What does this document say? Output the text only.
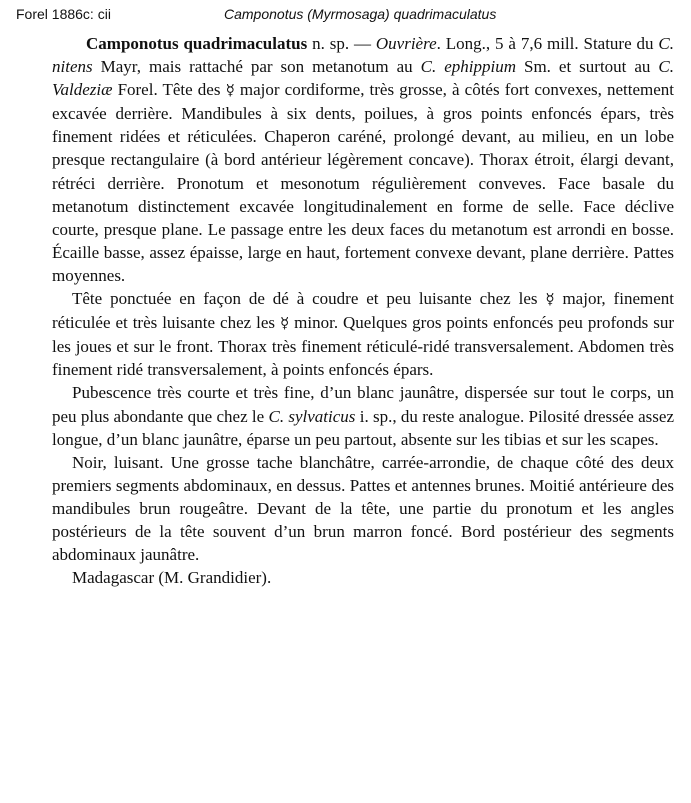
Forel 1886c: cii	Camponotus (Myrmosaga) quadrimaculatus

Camponotus quadrimaculatus n. sp. — Ouvrière. Long., 5 à 7,6 mill. Stature du C. nitens Mayr, mais rattaché par son metanotum au C. ephippium Sm. et surtout au C. Valdeziæ Forel. Tête des ☿ major cordiforme, très grosse, à côtés fort convexes, nettement excavée derrière. Mandibules à six dents, poilues, à gros points enfoncés épars, très finement ridées et réticulées. Chaperon caréné, prolongé devant, au milieu, en un lobe presque rectangulaire (à bord antérieur légèrement concave). Thorax étroit, élargi devant, rétréci derrière. Pronotum et mesonotum régulièrement conveves. Face basale du metanotum distinctement excavée longitudinalement en forme de selle. Face déclive courte, presque plane. Le passage entre les deux faces du metanotum est arrondi en bosse. Écaille basse, assez épaisse, large en haut, fortement convexe devant, plane derrière. Pattes moyennes.

Tête ponctuée en façon de dé à coudre et peu luisante chez les ☿ major, finement réticulée et très luisante chez les ☿ minor. Quelques gros points enfoncés peu profonds sur les joues et sur le front. Thorax très finement réticulé-ridé transversalement. Abdomen très finement ridé transversalement, à points enfoncés épars.

Pubescence très courte et très fine, d’un blanc jaunâtre, dispersée sur tout le corps, un peu plus abondante que chez le C. sylvaticus i. sp., du reste analogue. Pilosité dressée assez longue, d’un blanc jaunâtre, éparse un peu partout, absente sur les tibias et sur les scapes.

Noir, luisant. Une grosse tache blanchâtre, carrée-arrondie, de chaque côté des deux premiers segments abdominaux, en dessus. Pattes et antennes brunes. Moitié antérieure des mandibules brun rougeâtre. Devant de la tête, une partie du pronotum et les angles postérieurs de la tête souvent d’un brun marron foncé. Bord postérieur des segments abdominaux jaunâtre.

Madagascar (M. Grandidier).
